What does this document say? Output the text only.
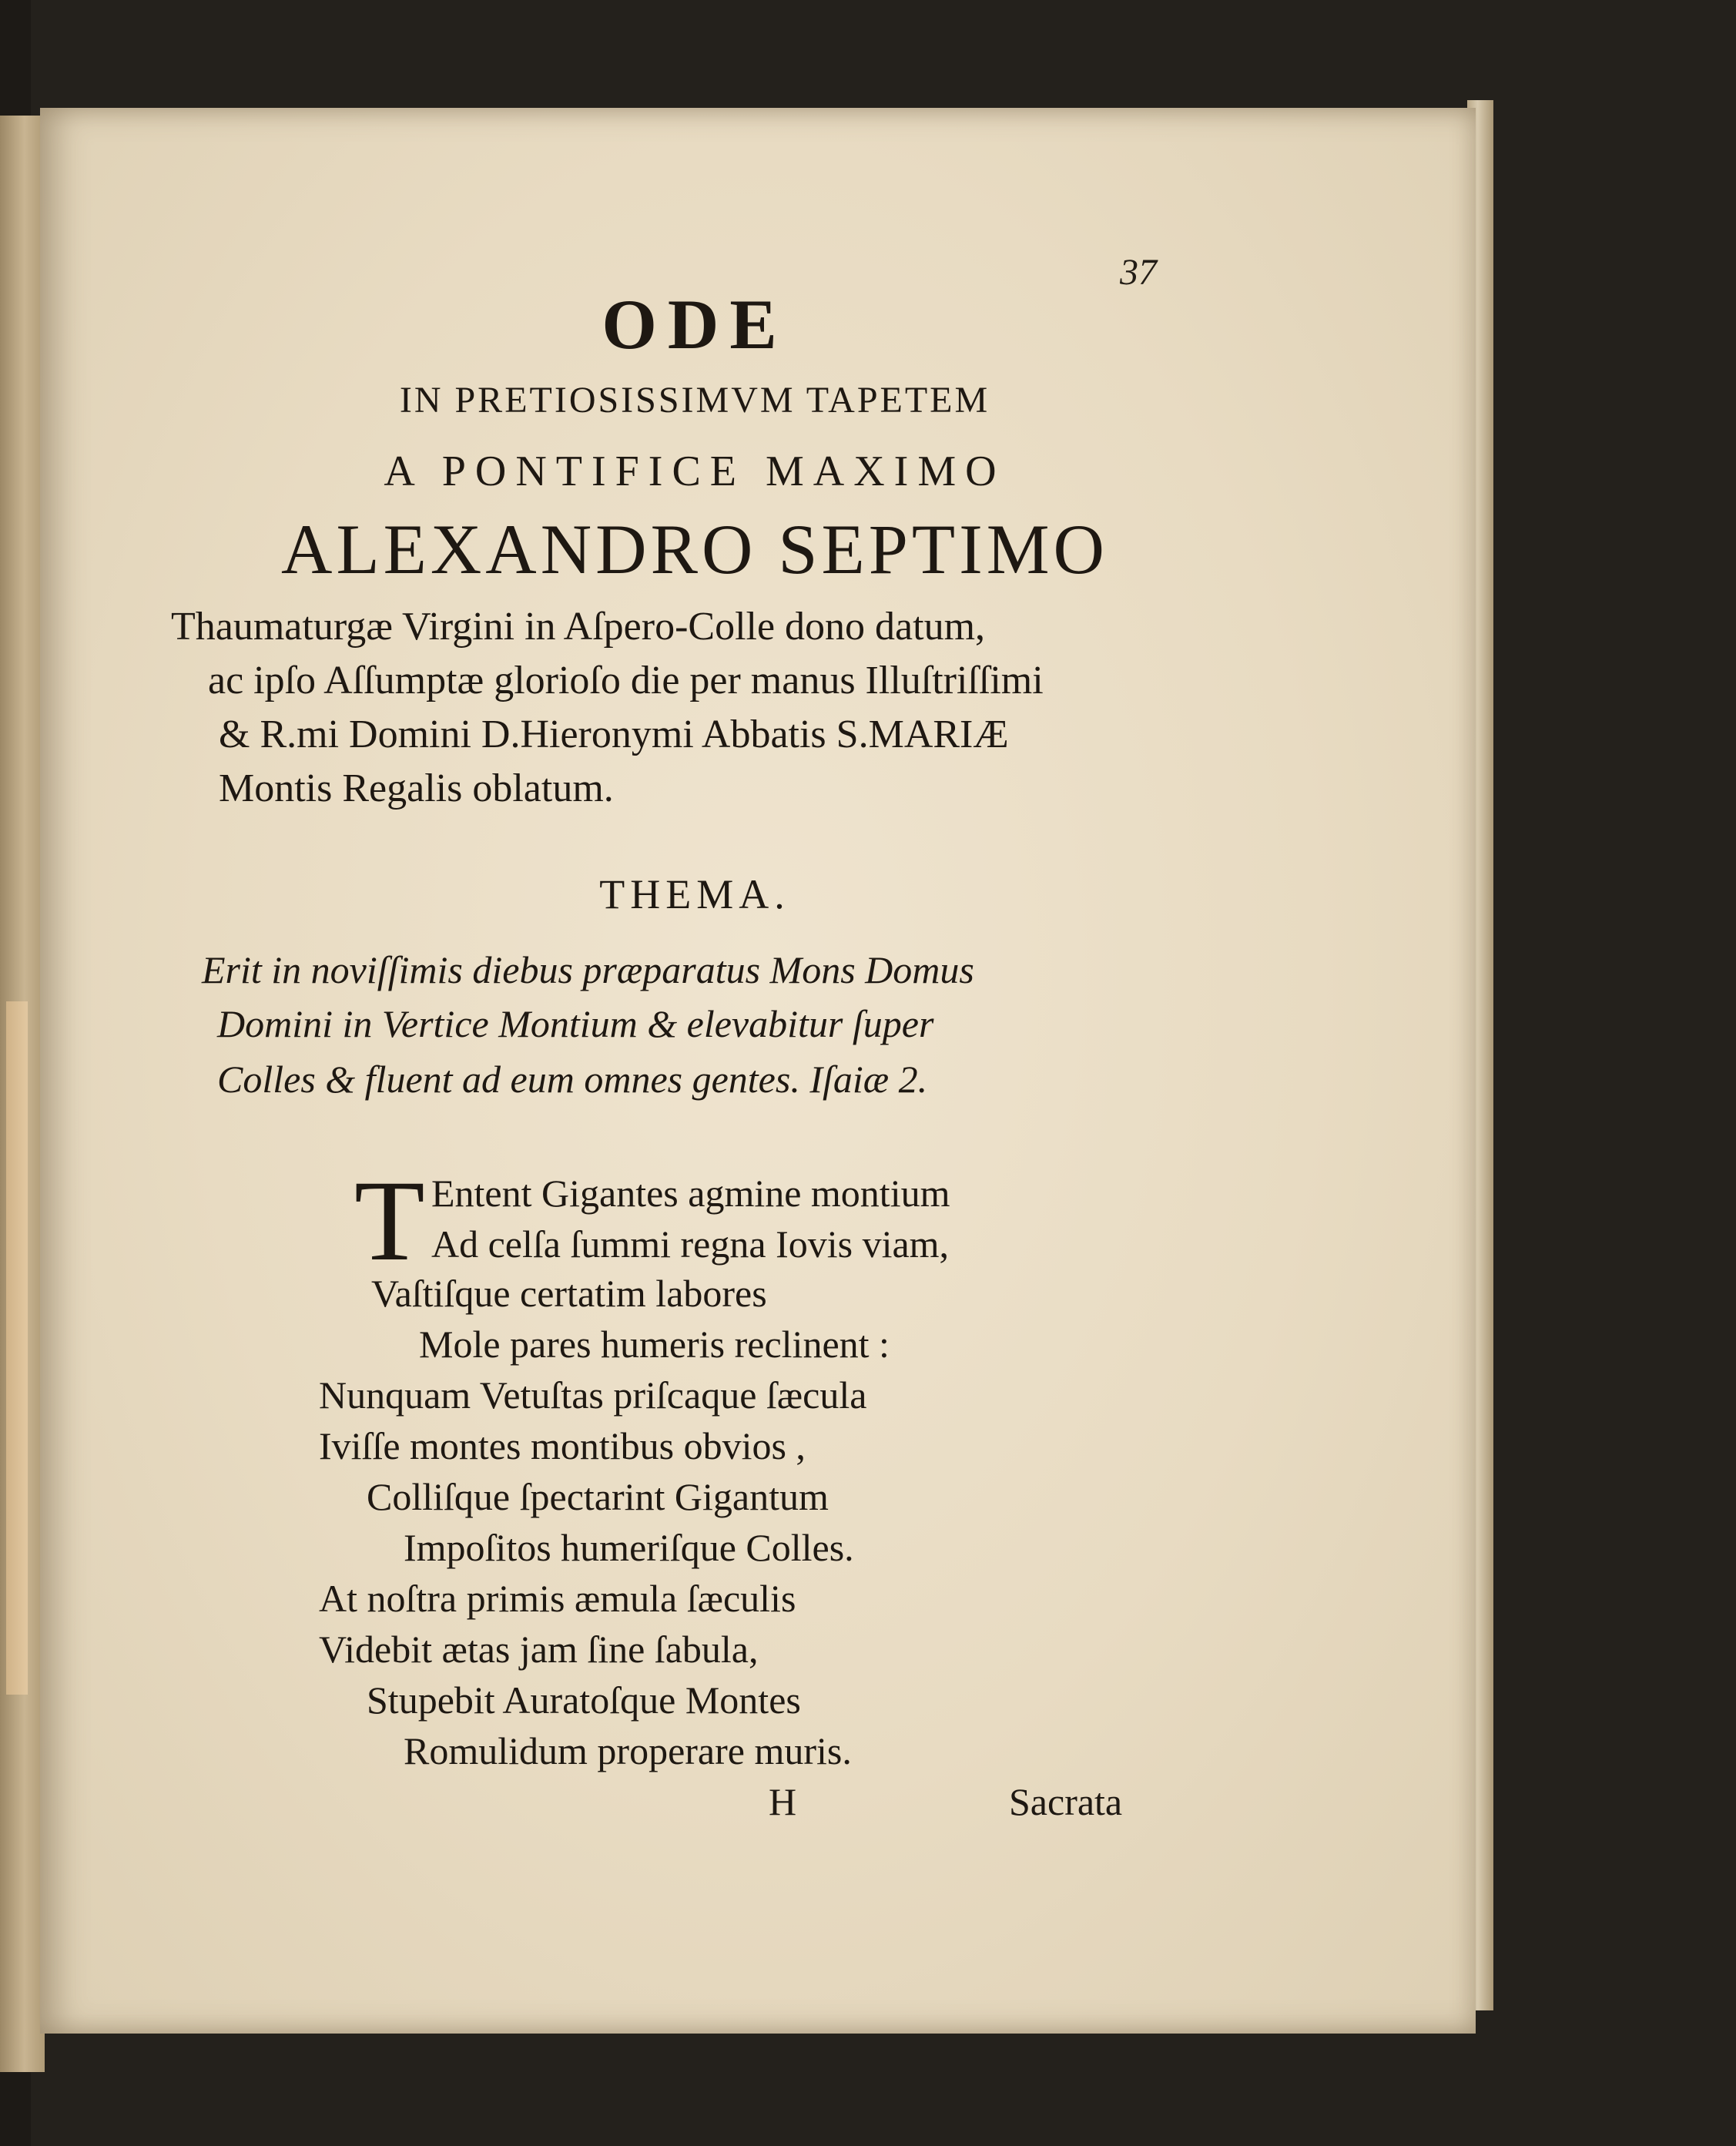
37
ODE
IN PRETIOSISSIMVM TAPETEM
A PONTIFICE MAXIMO
ALEXANDRO SEPTIMO
Thaumaturgæ Virgini in Aſpero-Colle dono datum,
ac ipſo Aſſumptæ glorioſo die per manus Illuſtriſſimi
& R.mi Domini D.Hieronymi Abbatis S.MARIÆ
Montis Regalis oblatum.
THEMA.
Erit in noviſſimis diebus præparatus Mons Domus
Domini in Vertice Montium & elevabitur ſuper
Colles & fluent ad eum omnes gentes. Iſaiæ 2.
T Entent Gigantes agmine montium
Ad celſa ſummi regna Iovis viam,
Vaſtiſque certatim labores
Mole pares humeris reclinent :
Nunquam Vetuſtas priſcaque ſæcula
Iviſſe montes montibus obvios ,
Colliſque ſpectarint Gigantum
Impoſitos humeriſque Colles.
At noſtra primis æmula ſæculis
Videbit ætas jam ſine ſabula,
Stupebit Auratoſque Montes
Romulidum properare muris.
H	Sacrata
